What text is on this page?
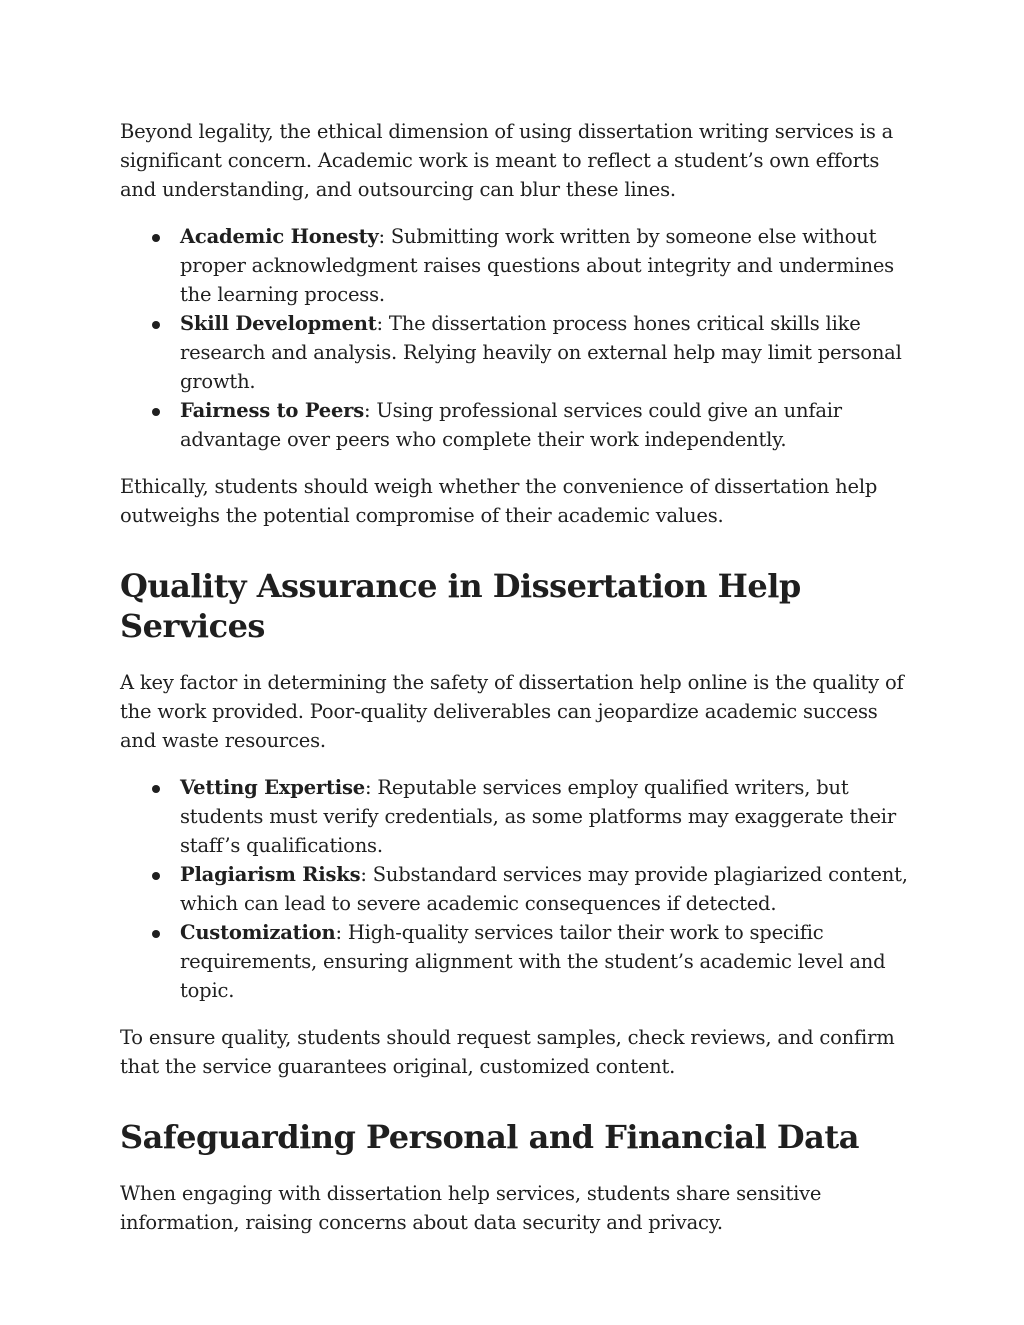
Beyond legality, the ethical dimension of using dissertation writing services is a significant concern. Academic work is meant to reflect a student’s own efforts and understanding, and outsourcing can blur these lines.

Academic Honesty: Submitting work written by someone else without proper acknowledgment raises questions about integrity and undermines the learning process.
Skill Development: The dissertation process hones critical skills like research and analysis. Relying heavily on external help may limit personal growth.
Fairness to Peers: Using professional services could give an unfair advantage over peers who complete their work independently.

Ethically, students should weigh whether the convenience of dissertation help outweighs the potential compromise of their academic values.

Quality Assurance in Dissertation Help Services

A key factor in determining the safety of dissertation help online is the quality of the work provided. Poor-quality deliverables can jeopardize academic success and waste resources.

Vetting Expertise: Reputable services employ qualified writers, but students must verify credentials, as some platforms may exaggerate their staff’s qualifications.
Plagiarism Risks: Substandard services may provide plagiarized content, which can lead to severe academic consequences if detected.
Customization: High-quality services tailor their work to specific requirements, ensuring alignment with the student’s academic level and topic.

To ensure quality, students should request samples, check reviews, and confirm that the service guarantees original, customized content.

Safeguarding Personal and Financial Data

When engaging with dissertation help services, students share sensitive information, raising concerns about data security and privacy.
